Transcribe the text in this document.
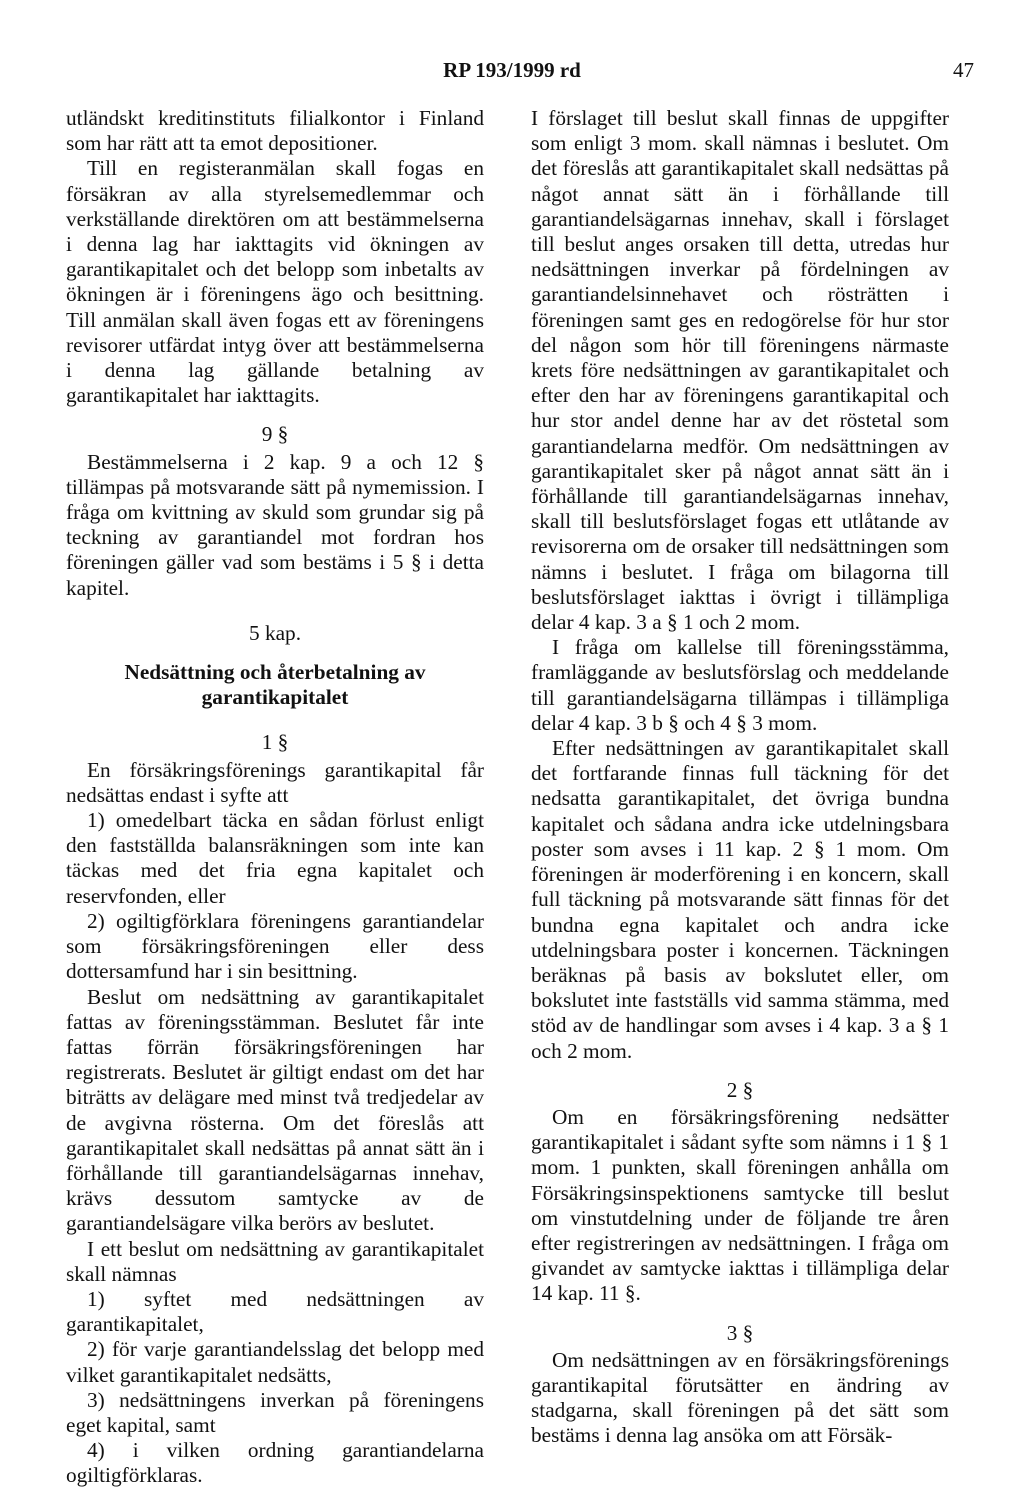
RP 193/1999 rd	47

utländskt kreditinstituts filialkontor i Finland som har rätt att ta emot depositioner.

Till en registeranmälan skall fogas en försäkran av alla styrelsemedlemmar och verkställande direktören om att bestämmelserna i denna lag har iakttagits vid ökningen av garantikapitalet och det belopp som inbetalts av ökningen är i föreningens ägo och besittning. Till anmälan skall även fogas ett av föreningens revisorer utfärdat intyg över att bestämmelserna i denna lag gällande betalning av garantikapitalet har iakttagits.

9 §

Bestämmelserna i 2 kap. 9 a och 12 § tillämpas på motsvarande sätt på nymemission. I fråga om kvittning av skuld som grundar sig på teckning av garantiandel mot fordran hos föreningen gäller vad som bestäms i 5 § i detta kapitel.

5 kap.
Nedsättning och återbetalning av garantikapitalet
1 §

En försäkringsförenings garantikapital får nedsättas endast i syfte att

1) omedelbart täcka en sådan förlust enligt den fastställda balansräkningen som inte kan täckas med det fria egna kapitalet och reservfonden, eller

2) ogiltigförklara föreningens garantiandelar som försäkringsföreningen eller dess dottersamfund har i sin besittning.

Beslut om nedsättning av garantikapitalet fattas av föreningsstämman. Beslutet får inte fattas förrän försäkringsföreningen har registrerats. Beslutet är giltigt endast om det har biträtts av delägare med minst två tredjedelar av de avgivna rösterna. Om det föreslås att garantikapitalet skall nedsättas på annat sätt än i förhållande till garantiandelsägarnas innehav, krävs dessutom samtycke av de garantiandelsägare vilka berörs av beslutet.

I ett beslut om nedsättning av garantikapitalet skall nämnas

1) syftet med nedsättningen av garantikapitalet,

2) för varje garantiandelsslag det belopp med vilket garantikapitalet nedsätts,

3) nedsättningens inverkan på föreningens eget kapital, samt

4) i vilken ordning garantiandelarna ogiltigförklaras.

I förslaget till beslut skall finnas de uppgifter som enligt 3 mom. skall nämnas i beslutet. Om det föreslås att garantikapitalet skall nedsättas på något annat sätt än i förhållande till garantiandelsägarnas innehav, skall i förslaget till beslut anges orsaken till detta, utredas hur nedsättningen inverkar på fördelningen av garantiandelsinnehavet och rösträtten i föreningen samt ges en redogörelse för hur stor del någon som hör till föreningens närmaste krets före nedsättningen av garantikapitalet och efter den har av föreningens garantikapital och hur stor andel denne har av det röstetal som garantiandelarna medför. Om nedsättningen av garantikapitalet sker på något annat sätt än i förhållande till garantiandelsägarnas innehav, skall till beslutsförslaget fogas ett utlåtande av revisorerna om de orsaker till nedsättningen som nämns i beslutet. I fråga om bilagorna till beslutsförslaget iakttas i övrigt i tillämpliga delar 4 kap. 3 a § 1 och 2 mom.

I fråga om kallelse till föreningsstämma, framläggande av beslutsförslag och meddelande till garantiandelsägarna tillämpas i tillämpliga delar 4 kap. 3 b § och 4 § 3 mom.

Efter nedsättningen av garantikapitalet skall det fortfarande finnas full täckning för det nedsatta garantikapitalet, det övriga bundna kapitalet och sådana andra icke utdelningsbara poster som avses i 11 kap. 2 § 1 mom. Om föreningen är moderförening i en koncern, skall full täckning på motsvarande sätt finnas för det bundna egna kapitalet och andra icke utdelningsbara poster i koncernen. Täckningen beräknas på basis av bokslutet eller, om bokslutet inte fastställs vid samma stämma, med stöd av de handlingar som avses i 4 kap. 3 a § 1 och 2 mom.

2 §

Om en försäkringsförening nedsätter garantikapitalet i sådant syfte som nämns i 1 § 1 mom. 1 punkten, skall föreningen anhålla om Försäkringsinspektionens samtycke till beslut om vinstutdelning under de följande tre åren efter registreringen av nedsättningen. I fråga om givandet av samtycke iakttas i tillämpliga delar 14 kap. 11 §.

3 §

Om nedsättningen av en försäkringsförenings garantikapital förutsätter en ändring av stadgarna, skall föreningen på det sätt som bestäms i denna lag ansöka om att Försäk-
